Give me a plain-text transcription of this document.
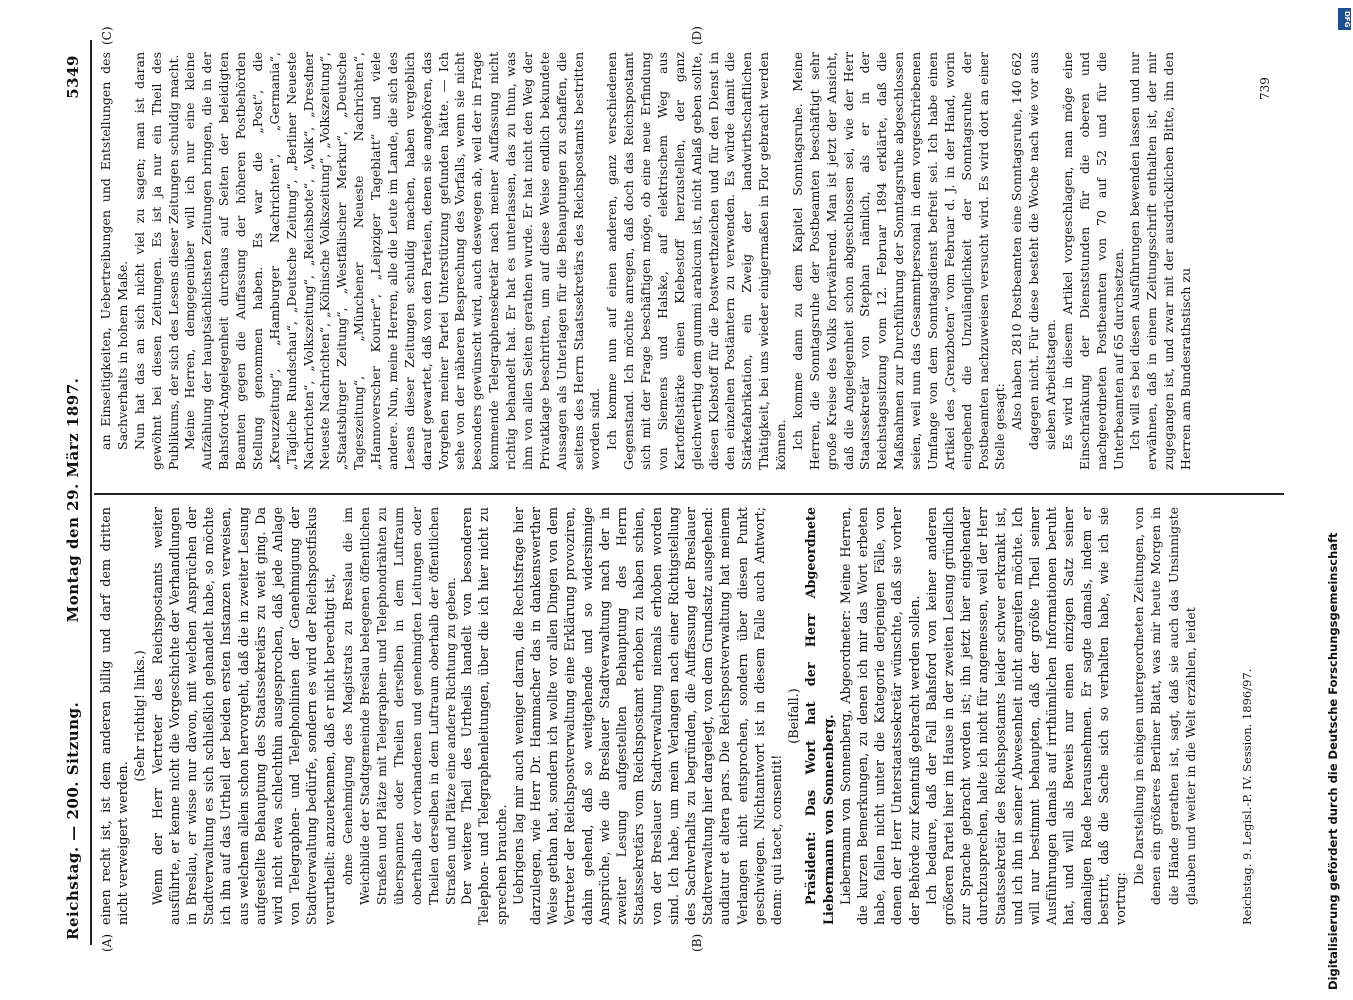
Reichstag. — 200. Sitzung.
Montag den 29. März 1897.
5349
(A)	(B)
(C)	(D)

einen recht ist, ist dem anderen billig und darf dem dritten nicht verweigert werden.

(Sehr richtig! links.) Wenn der Herr Vertreter des Reichspostamts weiter ausführte, er kenne nicht die Vorgeschichte der Verhandlungen in Breslau, er wisse nur davon, mit welchen Ansprüchen der Stadtverwaltung es sich schließlich gehandelt habe, so möchte ich ihn auf das Urtheil der beiden ersten Instanzen verweisen, aus welchem allein schon hervorgeht, daß die in zweiter Lesung aufgestellte Behauptung des Staatssekretärs zu weit ging. Da wird nicht etwa schlechthin ausgesprochen, daß jede Anlage von Telegraphen- und Telephonlinien der Genehmigung der Stadtverwaltung bedürfe, sondern es wird der Reichspostfiskus verurtheilt: anzuerkennen, daß er nicht berechtigt ist, ohne Genehmigung des Magistrats zu Breslau die im Weichbilde der Stadtgemeinde Breslau belegenen öffentlichen Straßen und Plätze mit Telegraphen- und Telephondrähten zu überspannen oder Theilen derselben in dem Luftraum oberhalb der vorhandenen und genehmigten Leitungen oder Theilen derselben in dem Luftraum oberhalb der öffentlichen Straßen und Plätze eine andere Richtung zu geben. Der weitere Theil des Urtheils handelt von besonderen Telephon- und Telegraphenleitungen, über die ich hier nicht zu sprechen brauche. Uebrigens lag mir auch weniger daran, die Rechtsfrage hier darzulegen, wie Herr Dr. Hammacher das in dankenswerther Weise gethan hat, sondern ich wollte vor allen Dingen von dem Vertreter der Reichspostverwaltung eine Erklärung provoziren, dahin gehend, daß so weitgehende und so widersinnige Ansprüche, wie die Breslauer Stadtverwaltung nach der in zweiter Lesung aufgestellten Behauptung des Herrn Staatssekretärs vom Reichspostamt erhoben zu haben schien, von der Breslauer Stadtverwaltung niemals erhoben worden sind. Ich habe, um mein Verlangen nach einer Richtigstellung des Sachverhalts zu begründen, die Auffassung der Breslauer Stadtverwaltung hier dargelegt, von dem Grundsatz ausgehend: audiatur et altera pars. Die Reichspostverwaltung hat meinem Verlangen nicht entsprochen, sondern über diesen Punkt geschwiegen. Nichtantwort ist in diesem Falle auch Antwort; denn: qui tacet, consentit!

(Beifall.) Präsident: Das Wort hat der Herr Abgeordnete Liebermann von Sonnenberg. Liebermann von Sonnenberg, Abgeordneter: Meine Herren, die kurzen Bemerkungen, zu denen ich mir das Wort erbeten habe, fallen nicht unter die Kategorie derjenigen Fälle, von denen der Herr Unterstaatssekretär wünschte, daß sie vorher der Behörde zur Kenntniß gebracht werden sollen. Ich bedaure, daß der Fall Bahsford von keiner anderen größeren Partei hier im Hause in der zweiten Lesung gründlich zur Sprache gebracht worden ist; ihn jetzt hier eingehender durchzusprechen, halte ich nicht für angemessen, weil der Herr Staatssekretär des Reichspostamts leider schwer erkrankt ist, und ich ihn in seiner Abwesenheit nicht angreifen möchte. Ich will nur bestimmt behaupten, daß der größte Theil seiner Ausführungen damals auf irrthümlichen Informationen beruht hat, und will als Beweis nur einen einzigen Satz seiner damaligen Rede herausnehmen. Er sagte damals, indem er bestritt, daß die Sache sich so verhalten habe, wie ich sie vortrug:

Die Darstellung in einigen untergeordneten Zeitungen, von denen ein größeres Berliner Blatt, was mir heute Morgen in die Hände gerathen ist, sagt, daß sie auch das Unsinnigste glauben und weiter in die Welt erzählen, leidet

an Einseitigkeiten, Uebertreibungen und Entstellungen des Sachverhalts in hohem Maße. Nun hat das an sich nicht viel zu sagen; man ist daran gewöhnt bei diesen Zeitungen. Es ist ja nur ein Theil des Publikums, der sich des Lesens dieser Zeitungen schuldig macht. Meine Herren, demgegenüber will ich nur eine kleine Aufzählung der hauptsächlichsten Zeitungen bringen, die in der Bahsford-Angelegenheit durchaus auf Seiten der beleidigten Beamten gegen die Auffassung der höheren Postbehörden Stellung genommen haben. Es war die „Post“, die „Kreuzzeitung“, „Hamburger Nachrichten“, „Germania“, „Tägliche Rundschau“, „Deutsche Zeitung“, „Berliner Neueste Nachrichten“, „Volkszeitung“, „Reichsbote“, „Volk“, „Dresdner Neueste Nachrichten“, „Kölnische Volkszeitung“, „Volkszeitung“, „Staatsbürger Zeitung“, „Westfälischer Merkur“, „Deutsche Tageszeitung“, „Münchener Neueste Nachrichten“, „Hannoverscher Kourier“, „Leipziger Tageblatt“ und viele andere. Nun, meine Herren, alle die Leute im Lande, die sich des Lesens dieser Zeitungen schuldig machen, haben vergeblich darauf gewartet, daß von den Parteien, denen sie angehören, das Vorgehen meiner Partei Unterstützung gefunden hätte. — Ich sehe von der näheren Besprechung des Vorfalls, wenn sie nicht besonders gewünscht wird, auch deswegen ab, weil der in Frage kommende Telegraphensekretär nach meiner Auffassung nicht richtig behandelt hat. Er hat es unterlassen, das zu thun, was ihm von allen Seiten gerathen wurde. Er hat nicht den Weg der Privatklage beschritten, um auf diese Weise endlich bekundete Aussagen als Unterlagen für die Behauptungen zu schaffen, die seitens des Herrn Staatssekretärs des Reichspostamts bestritten worden sind. Ich komme nun auf einen anderen, ganz verschiedenen Gegenstand. Ich möchte anregen, daß doch das Reichspostamt sich mit der Frage beschäftigen möge, ob eine neue Erfindung von Siemens und Halske, auf elektrischem Weg aus Kartoffelstärke einen Klebestoff herzustellen, der ganz gleichwerthig dem gummi arabicum ist, nicht Anlaß geben sollte, diesen Klebstoff für die Postwerthzeichen und für den Dienst in den einzelnen Postämtern zu verwenden. Es würde damit die Stärkefabrikation, ein Zweig der landwirthschaftlichen Thätigkeit, bei uns wieder einigermaßen in Flor gebracht werden können. Ich komme dann zu dem Kapitel Sonntagsruhe. Meine Herren, die Sonntagsruhe der Postbeamten beschäftigt sehr große Kreise des Volks fortwährend. Man ist jetzt der Ansicht, daß die Angelegenheit schon abgeschlossen sei, wie der Herr Staatssekretär von Stephan nämlich, als er in der Reichstagssitzung vom 12. Februar 1894 erklärte, daß die Maßnahmen zur Durchführung der Sonntagsruhe abgeschlossen seien, weil nun das Gesammtpersonal in dem vorgeschriebenen Umfange von dem Sonntagsdienst befreit sei. Ich habe einen Artikel des „Grenzboten“ vom Februar d. J. in der Hand, worin eingehend die Unzulänglichkeit der Sonntagsruhe der Postbeamten nachzuweisen versucht wird. Es wird dort an einer Stelle gesagt: Also haben 2810 Postbeamten eine Sonntagsruhe, 140 662 dagegen nicht. Für diese besteht die Woche nach wie vor aus sieben Arbeitstagen. Es wird in diesem Artikel vorgeschlagen, man möge eine Einschränkung der Dienststunden für die oberen und nachgeordneten Postbeamten von 70 auf 52 und für die Unterbeamten auf 65 durchsetzen. Ich will es bei diesen Ausführungen bewenden lassen und nur erwähnen, daß in einem Zeitungsschrift enthalten ist, der mir zugegangen ist, und zwar mit der ausdrücklichen Bitte, ihn den Herren am Bundesrathstisch zu

Reichstag. 9. Legisl.-P. IV. Session. 1896/97.
739
Digitalisierung gefördert durch die Deutsche Forschungsgemeinschaft
DFG
